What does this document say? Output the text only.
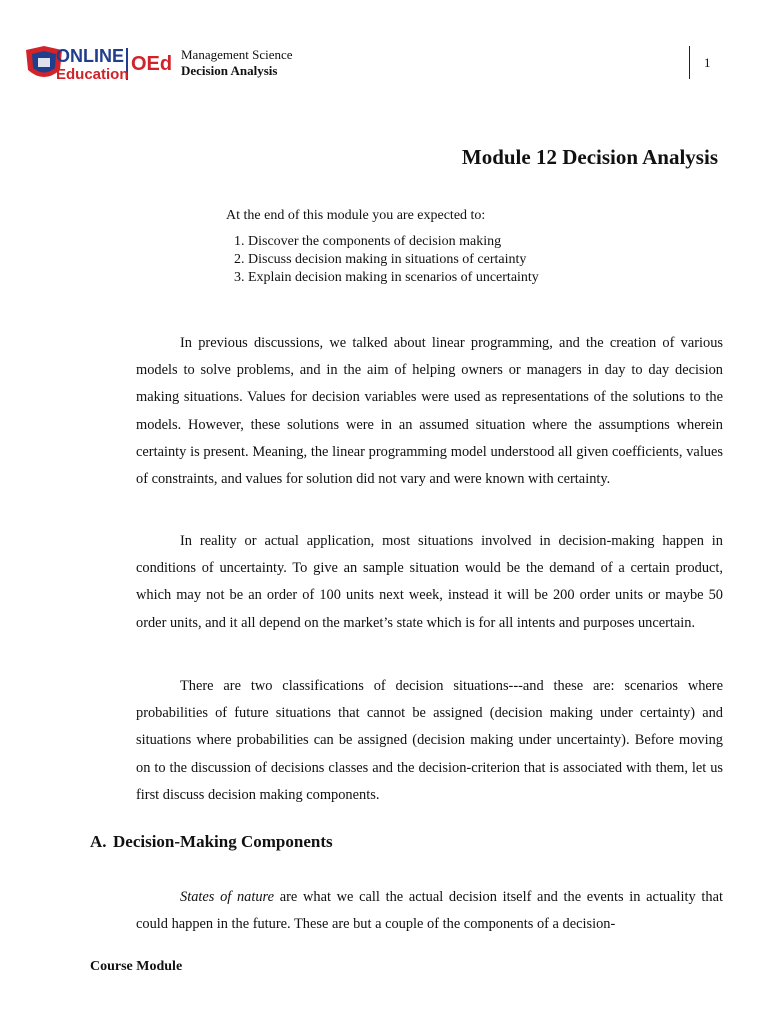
ONLINE
Education OEd Management Science
Decision Analysis
1
Module 12 Decision Analysis
At the end of this module you are expected to:
1. Discover the components of decision making
2. Discuss decision making in situations of certainty
3. Explain decision making in scenarios of uncertainty

In previous discussions, we talked about linear programming, and the creation of various models to solve problems, and in the aim of helping owners or managers in day to day decision making situations. Values for decision variables were used as representations of the solutions to the models. However, these solutions were in an assumed situation where the assumptions wherein certainty is present. Meaning, the linear programming model understood all given coefficients, values of constraints, and values for solution did not vary and were known with certainty.

In reality or actual application, most situations involved in decision-making happen in conditions of uncertainty. To give an sample situation would be the demand of a certain product, which may not be an order of 100 units next week, instead it will be 200 order units or maybe 50 order units, and it all depend on the market’s state which is for all intents and purposes uncertain.

There are two classifications of decision situations---and these are: scenarios where probabilities of future situations that cannot be assigned (decision making under certainty) and situations where probabilities can be assigned (decision making under uncertainty). Before moving on to the discussion of decisions classes and the decision-criterion that is associated with them, let us first discuss decision making components.

A. Decision-Making Components

States of nature are what we call the actual decision itself and the events in actuality that could happen in the future. These are but a couple of the components of a decision-

Course Module
